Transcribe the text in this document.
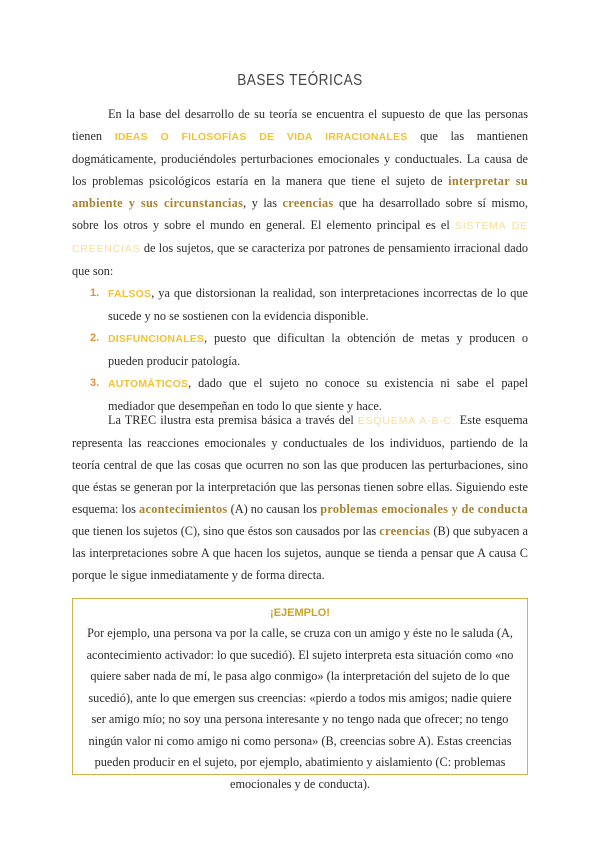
BASES TEÓRICAS

En la base del desarrollo de su teoría se encuentra el supuesto de que las personas tienen IDEAS O FILOSOFÍAS DE VIDA IRRACIONALES que las mantienen dogmáticamente, produciéndoles perturbaciones emocionales y conductuales. La causa de los problemas psicológicos estaría en la manera que tiene el sujeto de interpretar su ambiente y sus circunstancias, y las creencias que ha desarrollado sobre sí mismo, sobre los otros y sobre el mundo en general. El elemento principal es el SISTEMA DE CREENCIAS de los sujetos, que se caracteriza por patrones de pensamiento irracional dado que son:

1. FALSOS, ya que distorsionan la realidad, son interpretaciones incorrectas de lo que sucede y no se sostienen con la evidencia disponible.
2. DISFUNCIONALES, puesto que dificultan la obtención de metas y producen o pueden producir patología.
3. AUTOMÁTICOS, dado que el sujeto no conoce su existencia ni sabe el papel mediador que desempeñan en todo lo que siente y hace.

La TREC ilustra esta premisa básica a través del ESQUEMA A-B-C. Este esquema representa las reacciones emocionales y conductuales de los individuos, partiendo de la teoría central de que las cosas que ocurren no son las que producen las perturbaciones, sino que éstas se generan por la interpretación que las personas tienen sobre ellas. Siguiendo este esquema: los acontecimientos (A) no causan los problemas emocionales y de conducta que tienen los sujetos (C), sino que éstos son causados por las creencias (B) que subyacen a las interpretaciones sobre A que hacen los sujetos, aunque se tienda a pensar que A causa C porque le sigue inmediatamente y de forma directa.

¡EJEMPLO!
Por ejemplo, una persona va por la calle, se cruza con un amigo y éste no le saluda (A, acontecimiento activador: lo que sucedió). El sujeto interpreta esta situación como «no quiere saber nada de mí, le pasa algo conmigo» (la interpretación del sujeto de lo que sucedió), ante lo que emergen sus creencias: «pierdo a todos mis amigos; nadie quiere ser amigo mío; no soy una persona interesante y no tengo nada que ofrecer; no tengo ningún valor ni como amigo ni como persona» (B, creencias sobre A). Estas creencias pueden producir en el sujeto, por ejemplo, abatimiento y aislamiento (C: problemas emocionales y de conducta).
